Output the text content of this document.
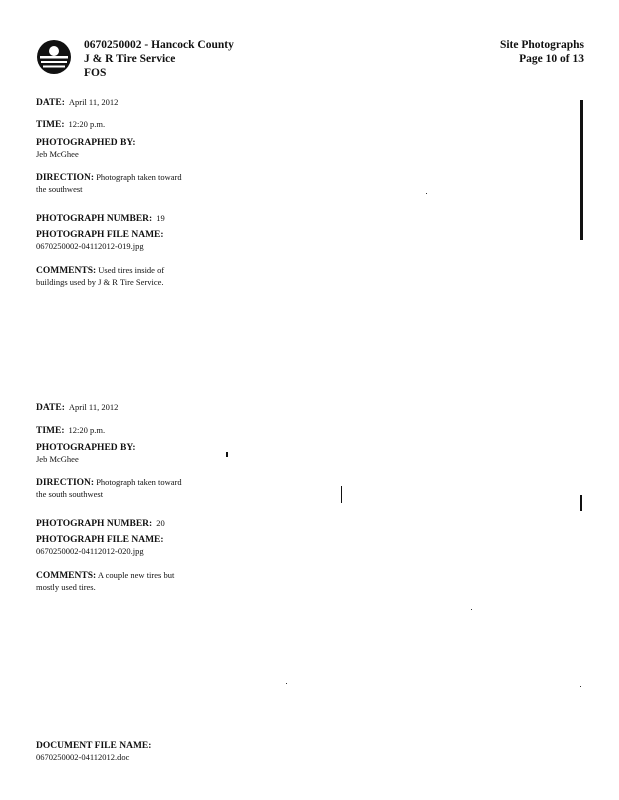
0670250002 - Hancock County
J & R Tire Service
FOS
Site Photographs
Page 10 of 13
DATE: April 11, 2012
TIME: 12:20 p.m.
PHOTOGRAPHED BY:
Jeb McGhee
DIRECTION: Photograph taken toward the southwest
PHOTOGRAPH NUMBER: 19
PHOTOGRAPH FILE NAME:
0670250002-04112012-019.jpg
COMMENTS: Used tires inside of buildings used by J & R Tire Service.
DATE: April 11, 2012
TIME: 12:20 p.m.
PHOTOGRAPHED BY:
Jeb McGhee
DIRECTION: Photograph taken toward the south southwest
PHOTOGRAPH NUMBER: 20
PHOTOGRAPH FILE NAME:
0670250002-04112012-020.jpg
COMMENTS: A couple new tires but mostly used tires.
DOCUMENT FILE NAME:
0670250002-04112012.doc
